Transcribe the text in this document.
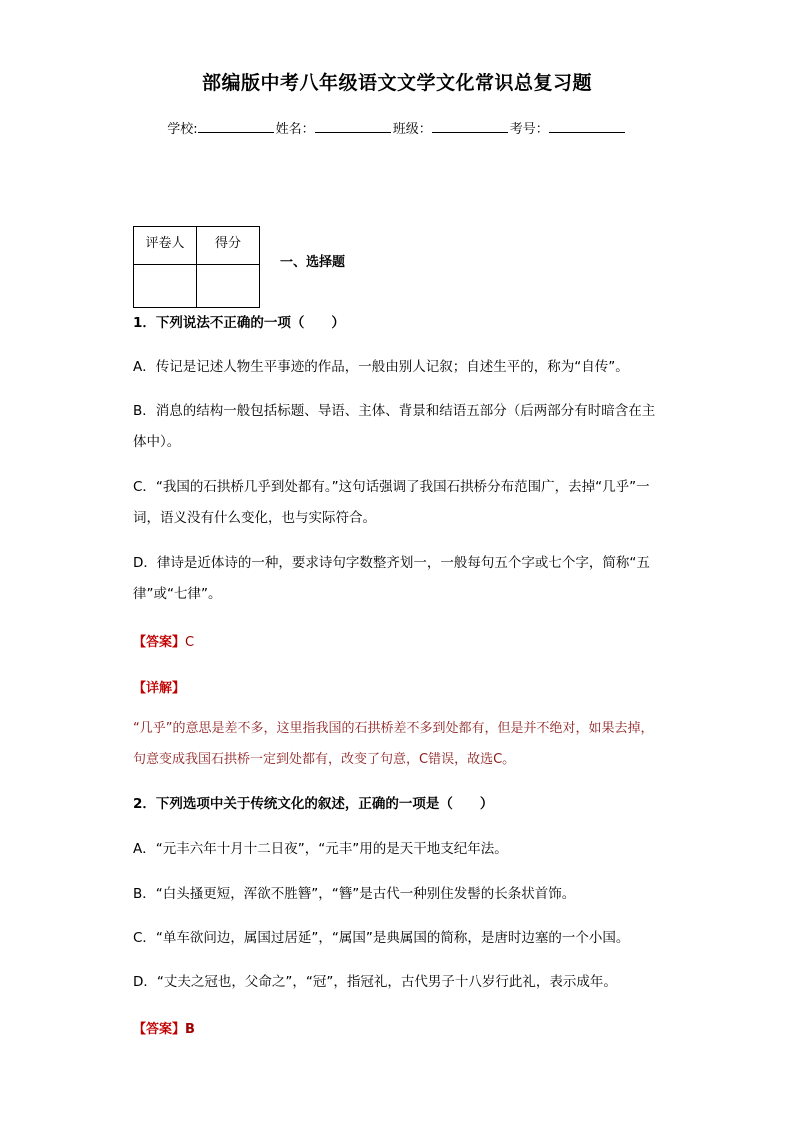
部编版中考八年级语文文学文化常识总复习题
学校:	姓名：	班级：	考号：
评卷人	得分

一、选择题
1．下列说法不正确的一项（　　）
A．传记是记述人物生平事迹的作品，一般由别人记叙；自述生平的，称为“自传”。
B．消息的结构一般包括标题、导语、主体、背景和结语五部分（后两部分有时暗含在主体中）。
C．“我国的石拱桥几乎到处都有。”这句话强调了我国石拱桥分布范围广，去掉“几乎”一词，语义没有什么变化，也与实际符合。
D．律诗是近体诗的一种，要求诗句字数整齐划一，一般每句五个字或七个字，简称“五律”或“七律”。
【答案】C
【详解】
“几乎”的意思是差不多，这里指我国的石拱桥差不多到处都有，但是并不绝对，如果去掉，句意变成我国石拱桥一定到处都有，改变了句意，C错误，故选C。
2．下列选项中关于传统文化的叙述，正确的一项是（　　）
A．“元丰六年十月十二日夜”，“元丰”用的是天干地支纪年法。
B．“白头搔更短，浑欲不胜簪”，“簪”是古代一种别住发髻的长条状首饰。
C．“单车欲问边，属国过居延”，“属国”是典属国的简称，是唐时边塞的一个小国。
D．“丈夫之冠也，父命之”，“冠”，指冠礼，古代男子十八岁行此礼，表示成年。
【答案】B
